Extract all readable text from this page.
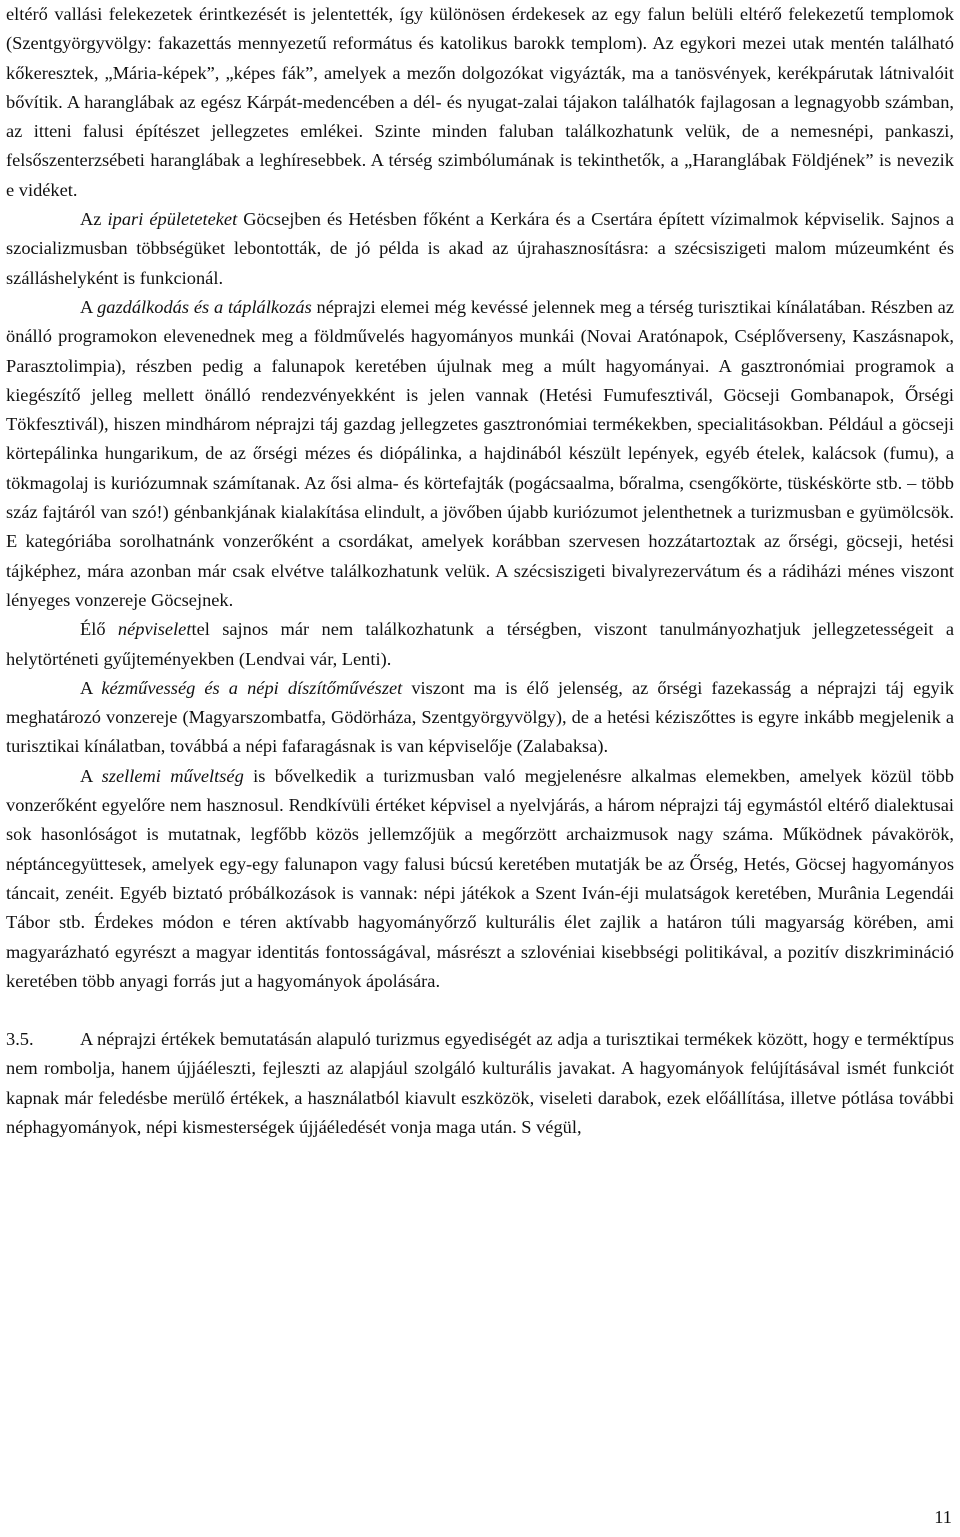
eltérő vallási felekezetek érintkezését is jelentették, így különösen érdekesek az egy falun belüli eltérő felekezetű templomok (Szentgyörgyvölgy: fakazettás mennyezetű református és katolikus barokk templom). Az egykori mezei utak mentén található kőkeresztek, „Mária-képek”, „képes fák”, amelyek a mezőn dolgozókat vigyázták, ma a tanösvények, kerékpárutak látnivalóit bővítik. A haranglábak az egész Kárpát-medencében a dél- és nyugat-zalai tájakon találhatók fajlagosan a legnagyobb számban, az itteni falusi építészet jellegzetes emlékei. Szinte minden faluban találkozhatunk velük, de a nemesnépi, pankaszi, felsőszenterzsébeti haranglábak a leghíresebbek. A térség szimbólumának is tekinthetők, a „Haranglábak Földjének” is nevezik e vidéket.

Az ipari épületeteket Göcsejben és Hetésben főként a Kerkára és a Csertára épített vízimalmok képviselik. Sajnos a szocializmusban többségüket lebontották, de jó példa is akad az újrahasznosításra: a szécsiszigeti malom múzeumként és szálláshelyként is funkcionál.

A gazdálkodás és a táplálkozás néprajzi elemei még kevéssé jelennek meg a térség turisztikai kínálatában. Részben az önálló programokon elevenednek meg a földművelés hagyományos munkái (Novai Aratónapok, Cséplőverseny, Kaszásnapok, Parasztolimpia), részben pedig a falunapok keretében újulnak meg a múlt hagyományai. A gasztronómiai programok a kiegészítő jelleg mellett önálló rendezvényekként is jelen vannak (Hetési Fumufesztivál, Göcseji Gombanapok, Őrségi Tökfesztivál), hiszen mindhárom néprajzi táj gazdag jellegzetes gasztronómiai termékekben, specialitásokban. Például a göcseji körtepálinka hungarikum, de az őrségi mézes és diópálinka, a hajdinából készült lepények, egyéb ételek, kalácsok (fumu), a tökmagolaj is kuriózumnak számítanak. Az ősi alma- és körtefajták (pogácsaalma, bőralma, csengőkörte, tüskéskörte stb. – több száz fajtáról van szó!) génbankjának kialakítása elindult, a jövőben újabb kuriózumot jelenthetnek a turizmusban e gyümölcsök. E kategóriába sorolhatnánk vonzerőként a csordákat, amelyek korábban szervesen hozzátartoztak az őrségi, göcseji, hetési tájképhez, mára azonban már csak elvétve találkozhatunk velük. A szécsiszigeti bivalyrezervátum és a rádiházi ménes viszont lényeges vonzereje Göcsejnek.

Élő népviselettel sajnos már nem találkozhatunk a térségben, viszont tanulmányozhatjuk jellegzetességeit a helytörténeti gyűjteményekben (Lendvai vár, Lenti).

A kézművesség és a népi díszítőművészet viszont ma is élő jelenség, az őrségi fazekasság a néprajzi táj egyik meghatározó vonzereje (Magyarszombatfa, Gödörháza, Szentgyörgyvölgy), de a hetési kéziszőttes is egyre inkább megjelenik a turisztikai kínálatban, továbbá a népi fafaragásnak is van képviselője (Zalabaksa).

A szellemi műveltség is bővelkedik a turizmusban való megjelenésre alkalmas elemekben, amelyek közül több vonzerőként egyelőre nem hasznosul. Rendkívüli értéket képvisel a nyelvjárás, a három néprajzi táj egymástól eltérő dialektusai sok hasonlóságot is mutatnak, legfőbb közös jellemzőjük a megőrzött archaizmusok nagy száma. Működnek pávakörök, néptáncegyüttesek, amelyek egy-egy falunapon vagy falusi búcsú keretében mutatják be az Őrség, Hetés, Göcsej hagyományos táncait, zenéit. Egyéb biztató próbálkozások is vannak: népi játékok a Szent Iván-éji mulatságok keretében, Murânia Legendái Tábor stb. Érdekes módon e téren aktívabb hagyományőrző kulturális élet zajlik a határon túli magyarság körében, ami magyarázható egyrészt a magyar identitás fontosságával, másrészt a szlovéniai kisebbségi politikával, a pozitív diszkrimináció keretében több anyagi forrás jut a hagyományok ápolására.

3.5.	A néprajzi értékek bemutatásán alapuló turizmus egyediségét az adja a turisztikai termékek között, hogy e terméktípus nem rombolja, hanem újjáéleszti, fejleszti az alapjául szolgáló kulturális javakat. A hagyományok felújításával ismét funkciót kapnak már feledésbe merülő értékek, a használatból kiavult eszközök, viseleti darabok, ezek előállítása, illetve pótlása további néphagyományok, népi kismesterségek újjáéledését vonja maga után. S végül,

11
